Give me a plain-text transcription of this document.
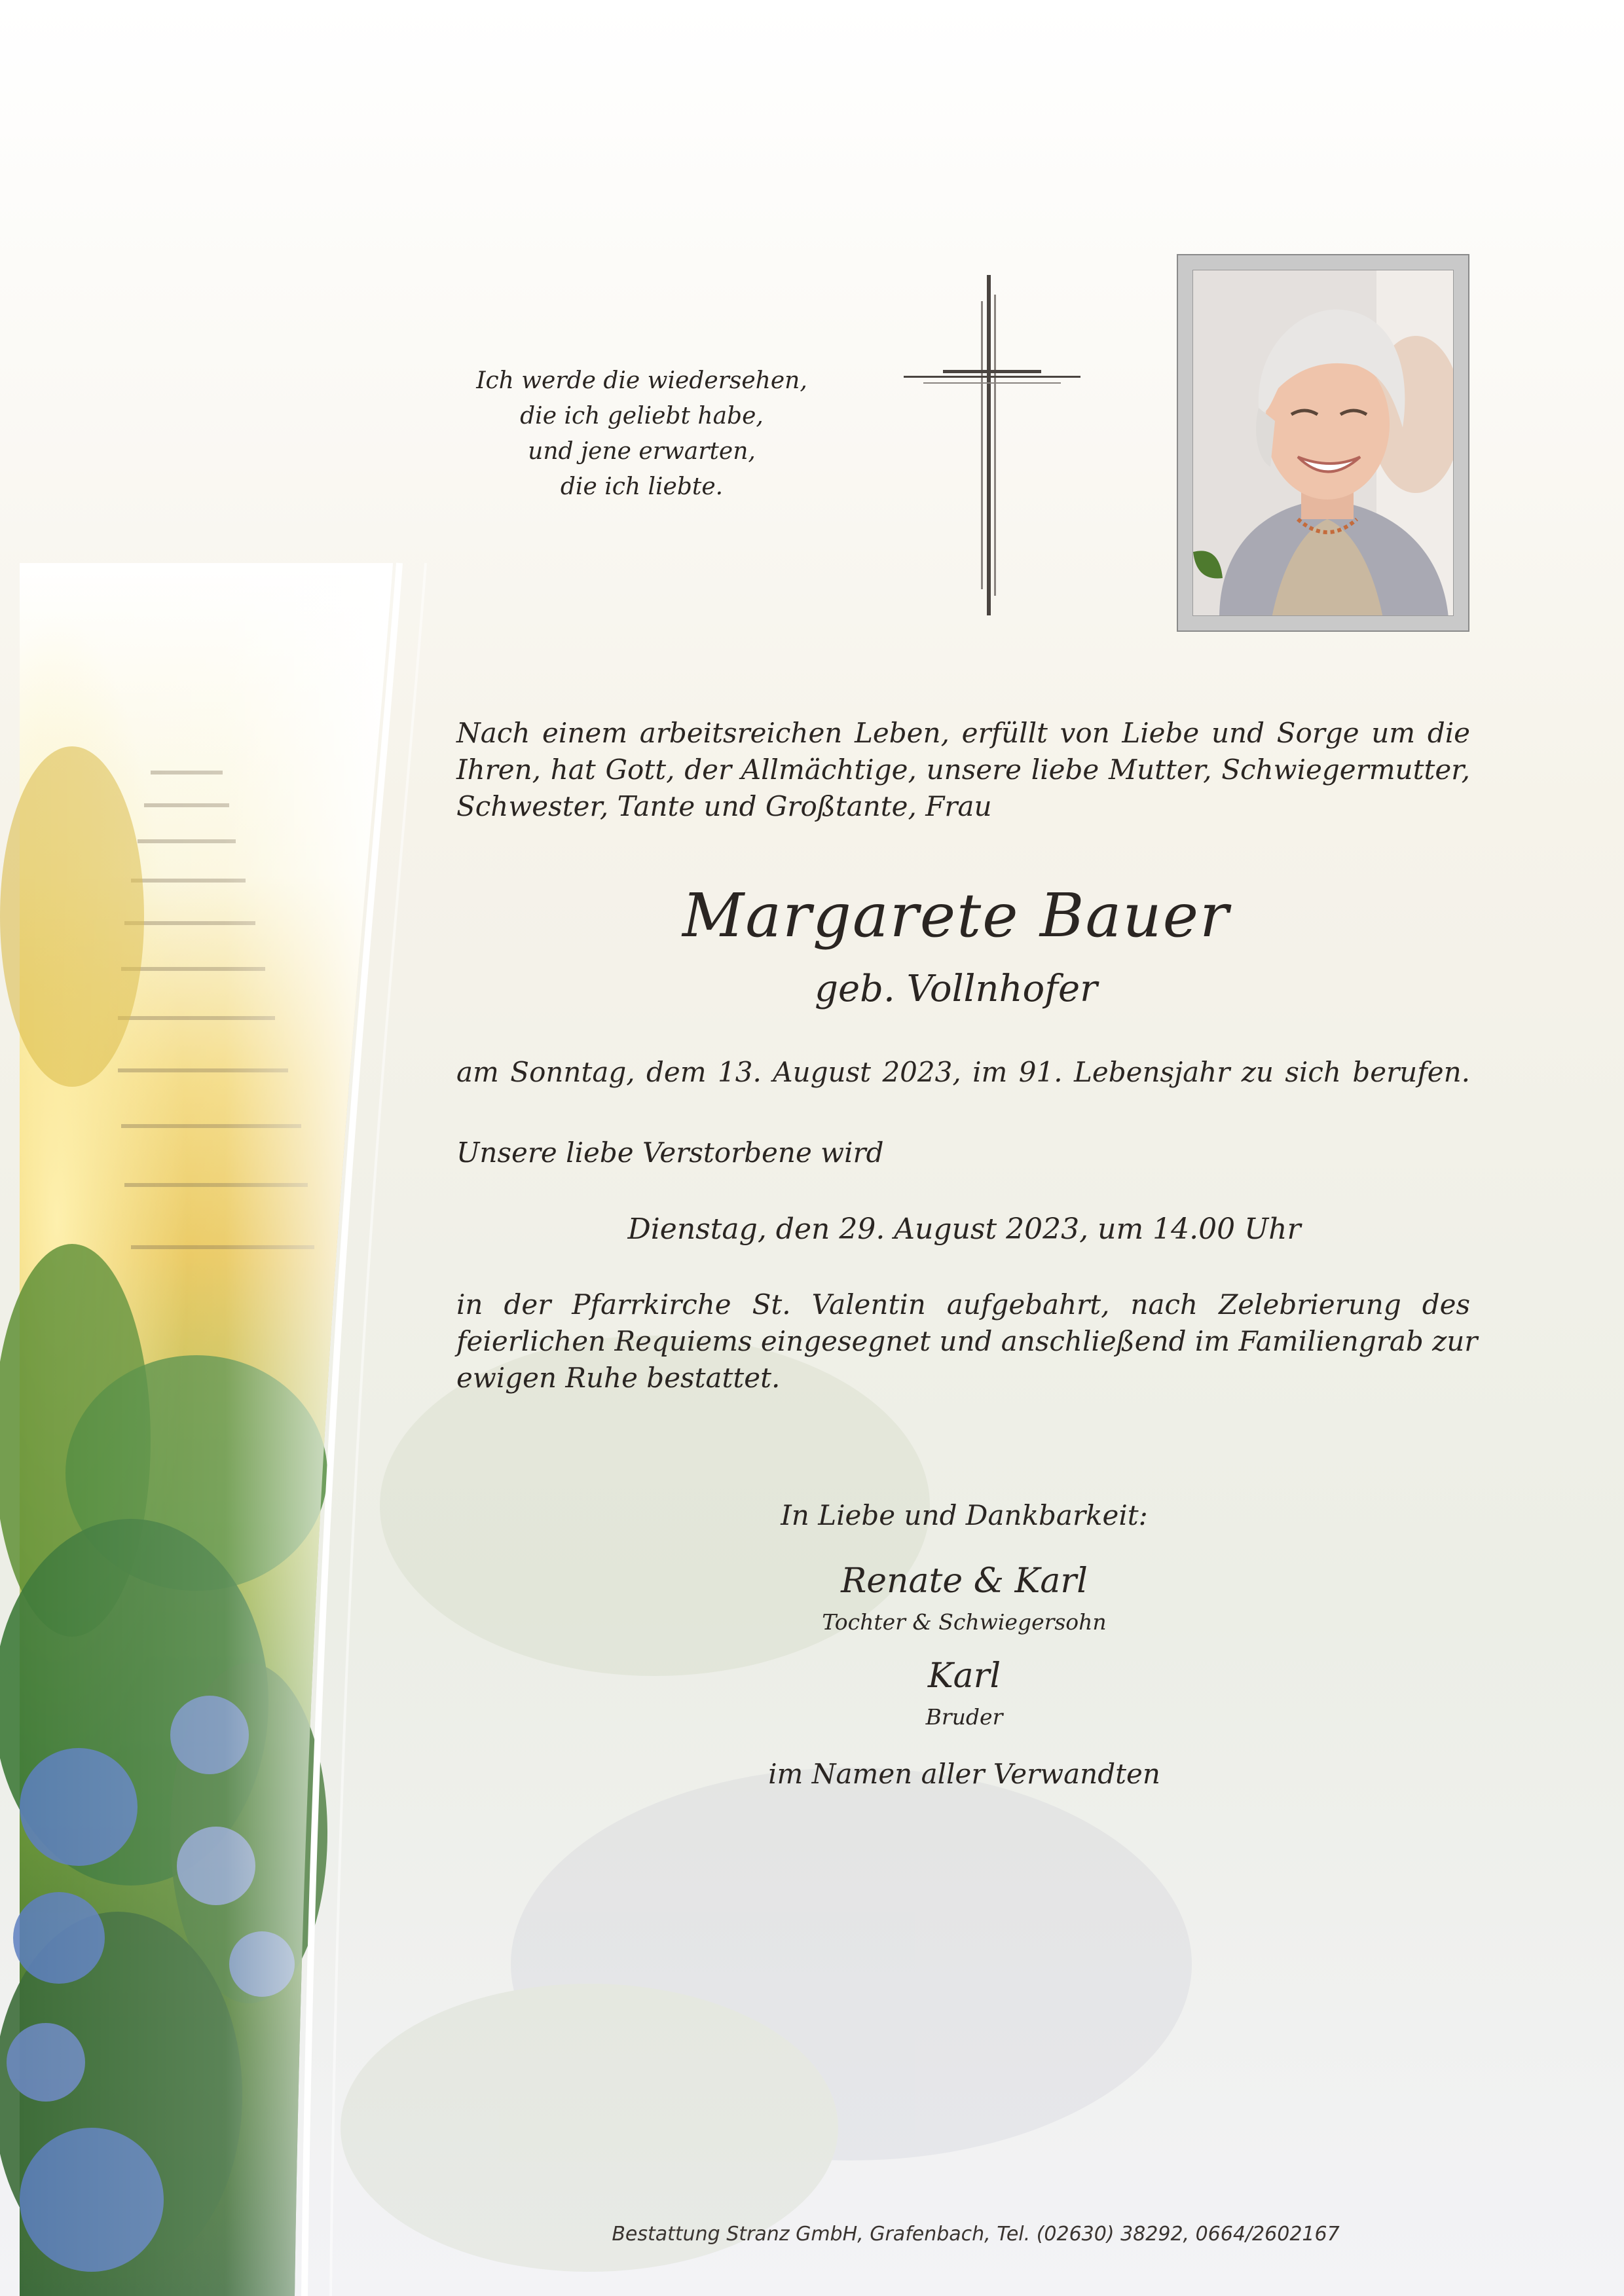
Ich werde die wiedersehen,
die ich geliebt habe,
und jene erwarten,
die ich liebte.
Nach einem arbeitsreichen Leben, erfüllt von Liebe und Sorge um die
Ihren, hat Gott, der Allmächtige, unsere liebe Mutter, Schwiegermutter,
Schwester, Tante und Großtante, Frau
Margarete Bauer
geb. Vollnhofer
am Sonntag, dem 13. August 2023, im 91. Lebensjahr zu sich berufen.
Unsere liebe Verstorbene wird
Dienstag, den 29. August 2023, um 14.00 Uhr
in der Pfarrkirche St. Valentin aufgebahrt, nach Zelebrierung des
feierlichen Requiems eingesegnet und anschließend im Familiengrab zur
ewigen Ruhe bestattet.
In Liebe und Dankbarkeit:
Renate & Karl
Tochter & Schwiegersohn
Karl
Bruder
im Namen aller Verwandten
Bestattung Stranz GmbH, Grafenbach, Tel. (02630) 38292, 0664/2602167
